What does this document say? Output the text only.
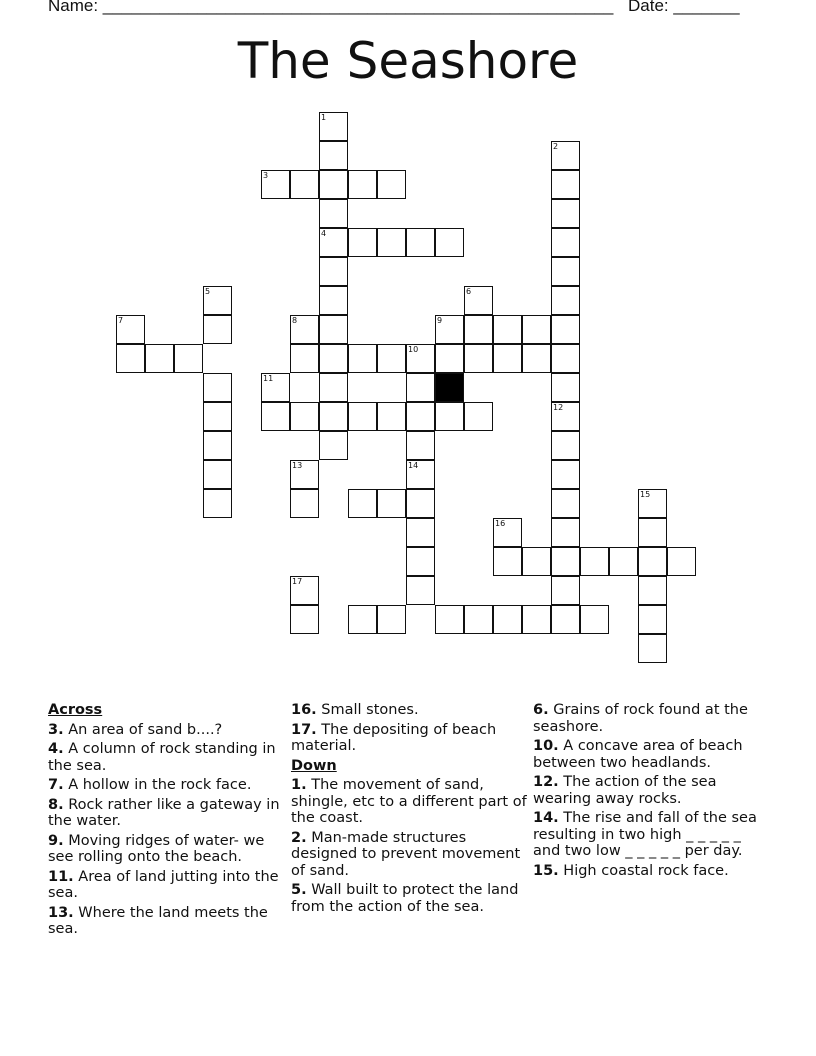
Name: ______________________________________________________ Date: _______
The Seashore
1
4
2
12
3
9
5	6
7	8
10
11
13	14
15
16
17
Across
3. An area of sand b....?
4. A column of rock standing in the sea.
7. A hollow in the rock face.
8. Rock rather like a gateway in the water.
9. Moving ridges of water- we see rolling onto the beach.
11. Area of land jutting into the sea.
13. Where the land meets the sea.
16. Small stones.
17. The depositing of beach material.
Down
1. The movement of sand, shingle, etc to a different part of the coast.
2. Man-made structures designed to prevent movement of sand.
5. Wall built to protect the land from the action of the sea.
6. Grains of rock found at the seashore.
10. A concave area of beach between two headlands.
12. The action of the sea wearing away rocks.
14. The rise and fall of the sea resulting in two high _ _ _ _ _ and two low _ _ _ _ _ per day.
15. High coastal rock face.
